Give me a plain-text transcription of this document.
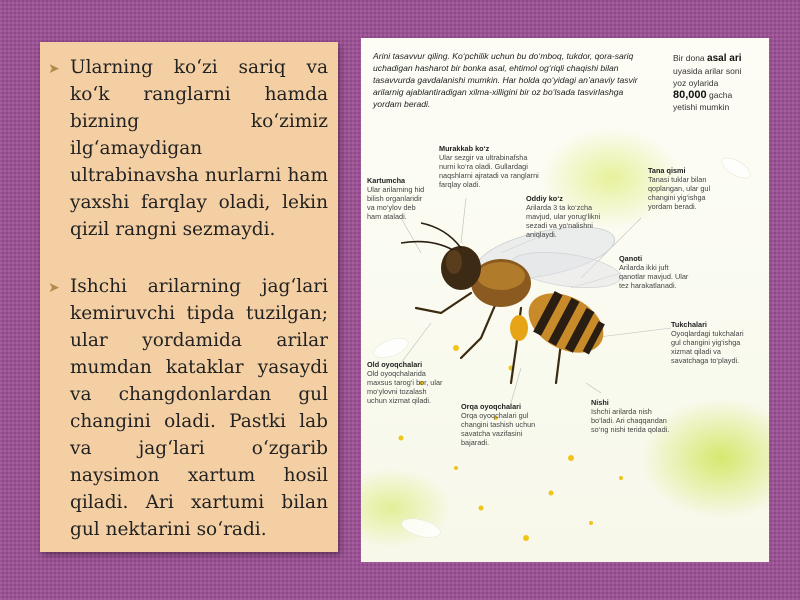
➤ Ularning ko‘zi sariq va ko‘k ranglarni hamda bizning ko‘zimiz ilg‘amaydigan ultrabinavsha nurlarni ham yaxshi farqlay oladi, lekin qizil rangni sezmaydi.

➤ Ishchi arilarning jag‘lari kemiruvchi tipda tuzilgan; ular yordamida arilar mumdan kataklar yasaydi va changdonlardan gul changini oladi. Pastki lab va jag‘lari o‘zgarib naysimon xartum hosil qiladi. Ari xartumi bilan gul nektarini so‘radi.

Arini tasavvur qiling. Ko‘pchilik uchun bu do‘mboq, tukdor, qora-sariq uchadigan hasharot bir bonka asal, ehtimol og‘riqli chaqishi bilan tasavvurda gavdalanishi mumkin. Har holda qo‘yidagi an’anaviy tasvir arilarnig ajablantiradigan xilma-xilligini bir oz bo‘lsada tasvirlashga yordam beradi.
Bir dona asal ari
uyasida arilar soni
yoz oylarida
80,000 gacha
yetishi mumkin
Murakkab ko‘z
Ular sezgir va ultrabinafsha nurni ko‘ra oladi. Gullardagi naqshlarni ajratadi va ranglarni farqlay oladi.
Kartumcha
Ular arilarning hid bilish organlaridir va mo‘ylov deb ham ataladi.
Oddiy ko‘z
Arilarda 3 ta ko‘zcha mavjud, ular yorug‘likni sezadi va yo‘nalishni aniqlaydi.
Tana qismi
Tanasi tuklar bilan qoplangan, ular gul changini yig‘ishga yordam beradi.
Qanoti
Arilarda ikki juft qanotlar mavjud. Ular tez harakatlanadi.
Tukchalari
Oyoqlardagi tukchalari gul changini yig‘ishga xizmat qiladi va savatchaga to‘playdi.
Old oyoqchalari
Old oyoqchalarida maxsus tarog‘i bor, ular mo‘ylovni tozalash uchun xizmat qiladi.
Orqa oyoqchalari
Orqa oyoqchalari gul changini tashish uchun savatcha vazifasini bajaradi.
Nishi
Ishchi arilarda nish bo‘ladi. Ari chaqqandan so‘ng nishi terida qoladi.
